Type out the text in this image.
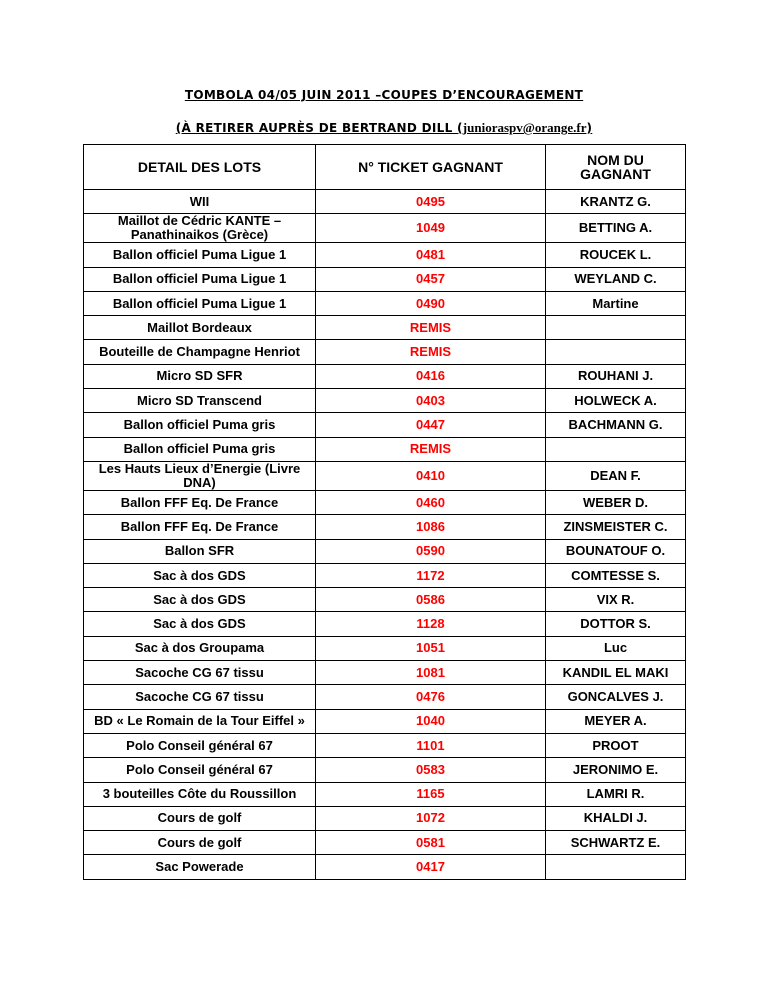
TOMBOLA 04/05 JUIN 2011 –COUPES D’ENCOURAGEMENT
(À RETIRER AUPRÈS DE BERTRAND DILL (junioraspv@orange.fr)
DETAIL DES LOTS	N° TICKET GAGNANT	NOM DU GAGNANT
WII	0495	KRANTZ G.
Maillot de Cédric KANTE – Panathinaikos (Grèce)	1049	BETTING A.
Ballon officiel Puma Ligue 1	0481	ROUCEK L.
Ballon officiel Puma Ligue 1	0457	WEYLAND C.
Ballon officiel Puma Ligue 1	0490	Martine
Maillot Bordeaux	REMIS	
Bouteille de Champagne Henriot	REMIS	
Micro SD SFR	0416	ROUHANI J.
Micro SD Transcend	0403	HOLWECK A.
Ballon officiel Puma gris	0447	BACHMANN G.
Ballon officiel Puma gris	REMIS	
Les Hauts Lieux d’Energie (Livre DNA)	0410	DEAN F.
Ballon FFF Eq. De France	0460	WEBER D.
Ballon FFF Eq. De France	1086	ZINSMEISTER C.
Ballon SFR	0590	BOUNATOUF O.
Sac à dos GDS	1172	COMTESSE S.
Sac à dos GDS	0586	VIX R.
Sac à dos GDS	1128	DOTTOR S.
Sac à dos Groupama	1051	Luc
Sacoche CG 67 tissu	1081	KANDIL EL MAKI
Sacoche CG 67 tissu	0476	GONCALVES J.
BD « Le Romain de la Tour Eiffel »	1040	MEYER A.
Polo Conseil général 67	1101	PROOT
Polo Conseil général 67	0583	JERONIMO E.
3 bouteilles Côte du Roussillon	1165	LAMRI R.
Cours de golf	1072	KHALDI J.
Cours de golf	0581	SCHWARTZ E.
Sac Powerade	0417	
